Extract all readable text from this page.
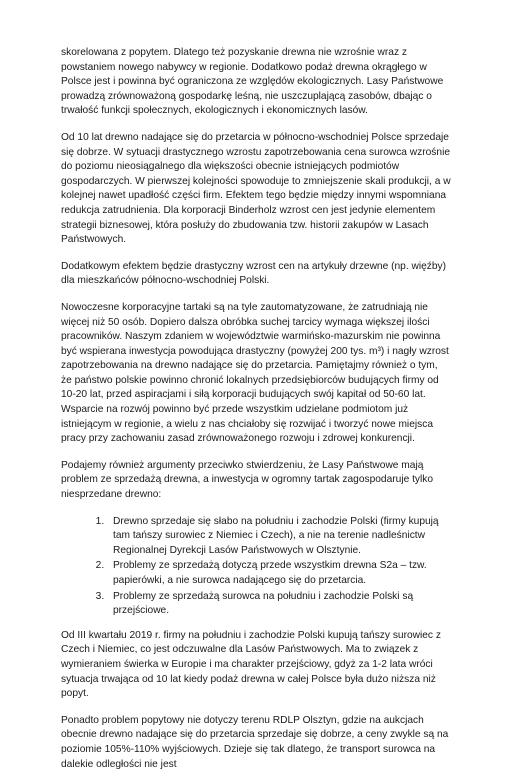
skorelowana z popytem. Dlatego też pozyskanie drewna nie wzrośnie wraz z powstaniem nowego nabywcy w regionie. Dodatkowo podaż drewna okrągłego w Polsce jest i powinna być ograniczona ze względów ekologicznych. Lasy Państwowe prowadzą zrównoważoną gospodarkę leśną, nie uszczuplającą zasobów, dbając o trwałość funkcji społecznych, ekologicznych i ekonomicznych lasów.

Od 10 lat drewno nadające się do przetarcia w północno-wschodniej Polsce sprzedaje się dobrze. W sytuacji drastycznego wzrostu zapotrzebowania cena surowca wzrośnie do poziomu nieosiągalnego dla większości obecnie istniejących podmiotów gospodarczych. W pierwszej kolejności spowoduje to zmniejszenie skali produkcji, a w kolejnej nawet upadłość części firm. Efektem tego będzie między innymi wspomniana redukcja zatrudnienia. Dla korporacji Binderholz wzrost cen jest jedynie elementem strategii biznesowej, która posłuży do zbudowania tzw. historii zakupów w Lasach Państwowych.

Dodatkowym efektem będzie drastyczny wzrost cen na artykuły drzewne (np. więźby) dla mieszkańców północno-wschodniej Polski.

Nowoczesne korporacyjne tartaki są na tyle zautomatyzowane, że zatrudniają nie więcej niż 50 osób. Dopiero dalsza obróbka suchej tarcicy wymaga większej ilości pracowników. Naszym zdaniem w województwie warmińsko-mazurskim nie powinna być wspierana inwestycja powodująca drastyczny (powyżej 200 tys. m³) i nagły wzrost zapotrzebowania na drewno nadające się do przetarcia. Pamiętajmy również o tym, że państwo polskie powinno chronić lokalnych przedsiębiorców budujących firmy od 10-20 lat, przed aspiracjami i siłą korporacji budujących swój kapitał od 50-60 lat. Wsparcie na rozwój powinno być przede wszystkim udzielane podmiotom już istniejącym w regionie, a wielu z nas chciałoby się rozwijać i tworzyć nowe miejsca pracy przy zachowaniu zasad zrównoważonego rozwoju i zdrowej konkurencji.

Podajemy również argumenty przeciwko stwierdzeniu, że Lasy Państwowe mają problem ze sprzedażą drewna, a inwestycja w ogromny tartak zagospodaruje tylko niesprzedane drewno:

1. Drewno sprzedaje się słabo na południu i zachodzie Polski (firmy kupują tam tańszy surowiec z Niemiec i Czech), a nie na terenie nadleśnictw Regionalnej Dyrekcji Lasów Państwowych w Olsztynie.
2. Problemy ze sprzedażą dotyczą przede wszystkim drewna S2a – tzw. papierówki, a nie surowca nadającego się do przetarcia.
3. Problemy ze sprzedażą surowca na południu i zachodzie Polski są przejściowe.

Od III kwartału 2019 r. firmy na południu i zachodzie Polski kupują tańszy surowiec z Czech i Niemiec, co jest odczuwalne dla Lasów Państwowych. Ma to związek z wymieraniem świerka w Europie i ma charakter przejściowy, gdyż za 1-2 lata wróci sytuacja trwająca od 10 lat kiedy podaż drewna w całej Polsce była dużo niższa niż popyt.

Ponadto problem popytowy nie dotyczy terenu RDLP Olsztyn, gdzie na aukcjach obecnie drewno nadające się do przetarcia sprzedaje się dobrze, a ceny zwykle są na poziomie 105%-110% wyjściowych. Dzieje się tak dlatego, że transport surowca na dalekie odległości nie jest
